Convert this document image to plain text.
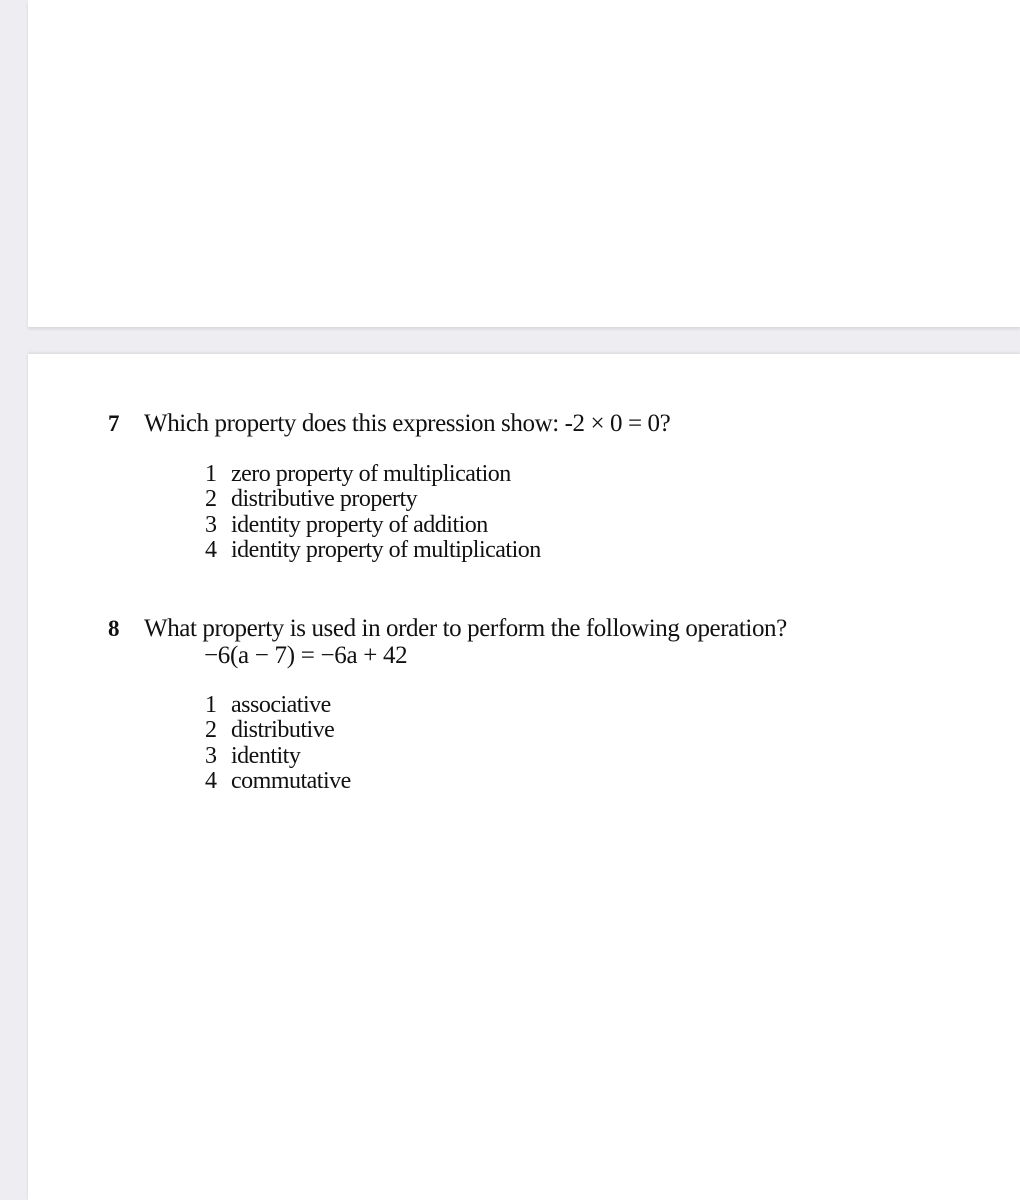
7 Which property does this expression show: -2 × 0 = 0?
1 zero property of multiplication
2 distributive property
3 identity property of addition
4 identity property of multiplication
8 What property is used in order to perform the following operation?
−6(a − 7) = −6a + 42
1 associative
2 distributive
3 identity
4 commutative
